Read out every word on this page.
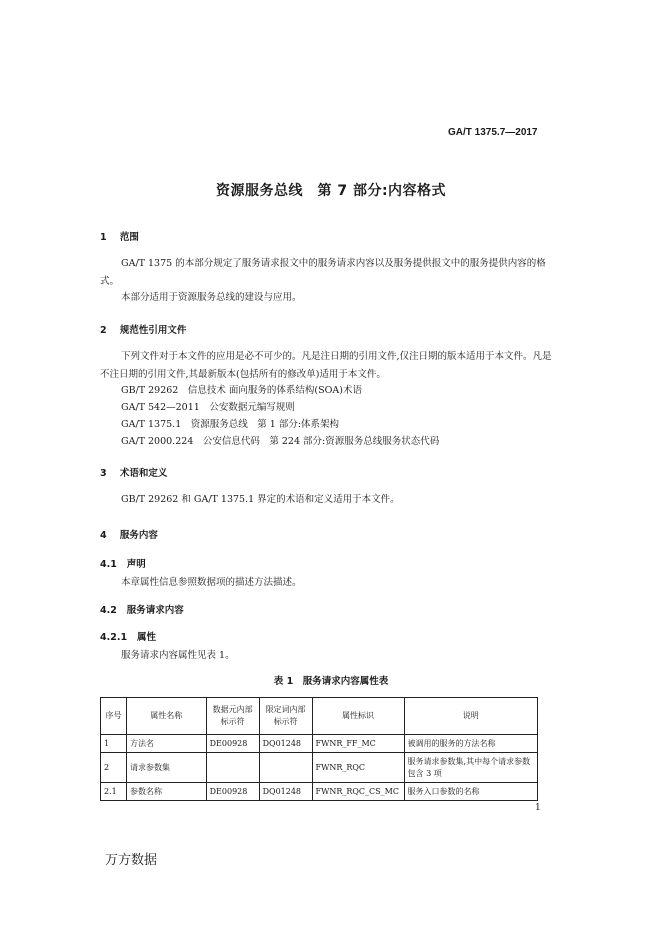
GA/T 1375.7—2017
资源服务总线　第 7 部分:内容格式
1 范围
GA/T 1375 的本部分规定了服务请求报文中的服务请求内容以及服务提供报文中的服务提供内容的格式。
本部分适用于资源服务总线的建设与应用。
2 规范性引用文件
下列文件对于本文件的应用是必不可少的。凡是注日期的引用文件,仅注日期的版本适用于本文件。凡是不注日期的引用文件,其最新版本(包括所有的修改单)适用于本文件。
GB/T 29262　信息技术 面向服务的体系结构(SOA)术语
GA/T 542—2011　公安数据元编写规则
GA/T 1375.1　资源服务总线　第 1 部分:体系架构
GA/T 2000.224　公安信息代码　第 224 部分:资源服务总线服务状态代码
3 术语和定义
GB/T 29262 和 GA/T 1375.1 界定的术语和定义适用于本文件。
4 服务内容
4.1 声明
本章属性信息参照数据项的描述方法描述。
4.2 服务请求内容
4.2.1 属性
服务请求内容属性见表 1。
表 1　服务请求内容属性表
序号	属性名称	数据元内部标示符	限定词内部标示符	属性标识	说明
1	方法名	DE00928	DQ01248	FWNR_FF_MC	被调用的服务的方法名称
2	请求参数集			FWNR_RQC	服务请求参数集,其中每个请求参数包含 3 项
2.1	参数名称	DE00928	DQ01248	FWNR_RQC_CS_MC	服务入口参数的名称
1
万方数据
